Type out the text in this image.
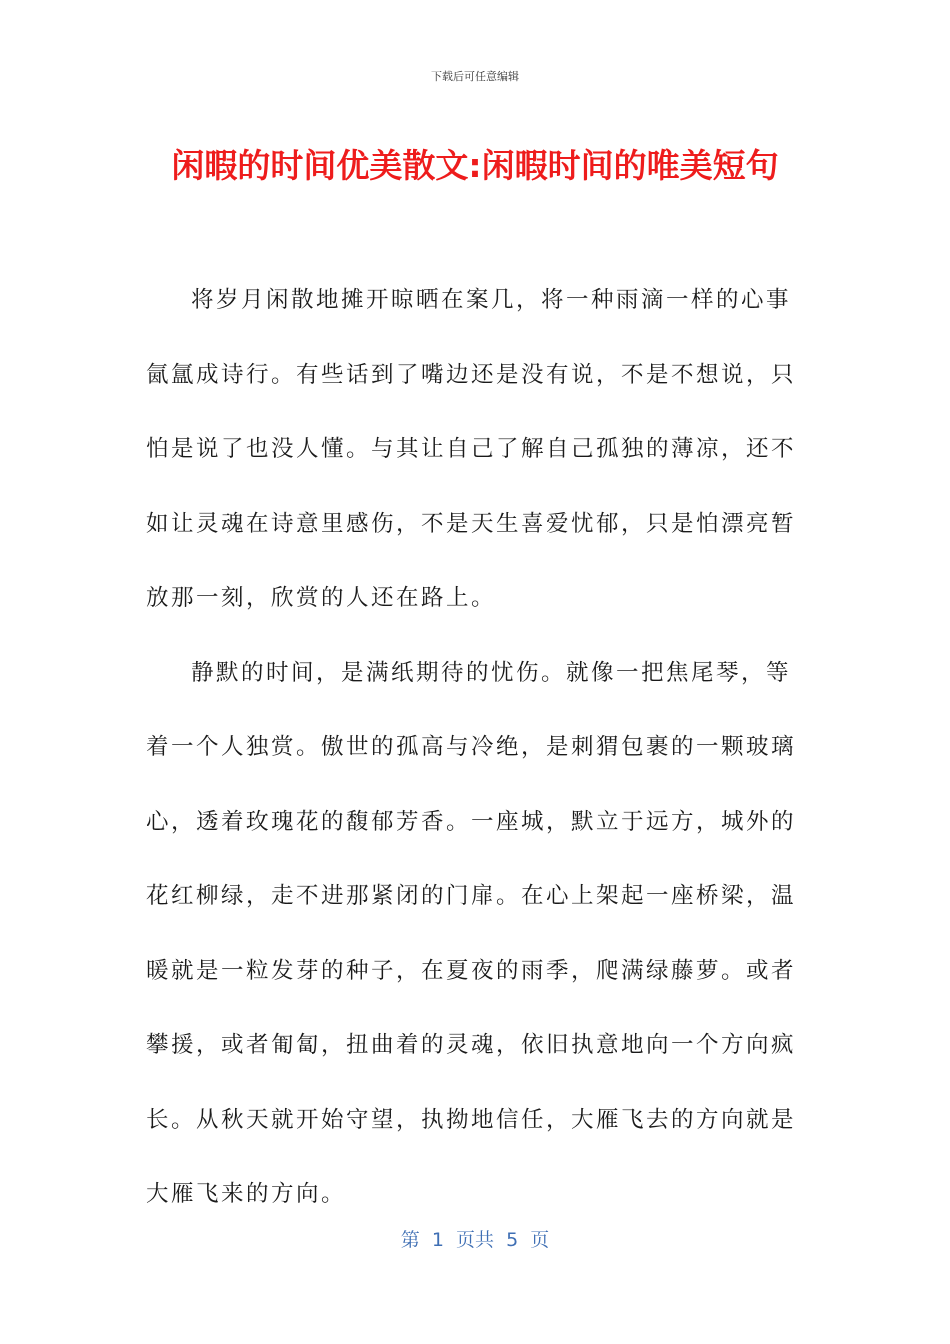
下载后可任意编辑
闲暇的时间优美散文:闲暇时间的唯美短句

将岁月闲散地摊开晾晒在案几，将一种雨滴一样的心事氤氲成诗行。有些话到了嘴边还是没有说，不是不想说，只怕是说了也没人懂。与其让自己了解自己孤独的薄凉，还不如让灵魂在诗意里感伤，不是天生喜爱忧郁，只是怕漂亮暂放那一刻，欣赏的人还在路上。

静默的时间，是满纸期待的忧伤。就像一把焦尾琴，等着一个人独赏。傲世的孤高与冷绝，是刺猬包裹的一颗玻璃心，透着玫瑰花的馥郁芳香。一座城，默立于远方，城外的花红柳绿，走不进那紧闭的门扉。在心上架起一座桥梁，温暖就是一粒发芽的种子，在夏夜的雨季，爬满绿藤萝。或者攀援，或者匍匐，扭曲着的灵魂，依旧执意地向一个方向疯长。从秋天就开始守望，执拗地信任，大雁飞去的方向就是大雁飞来的方向。

第  1  页共  5  页
